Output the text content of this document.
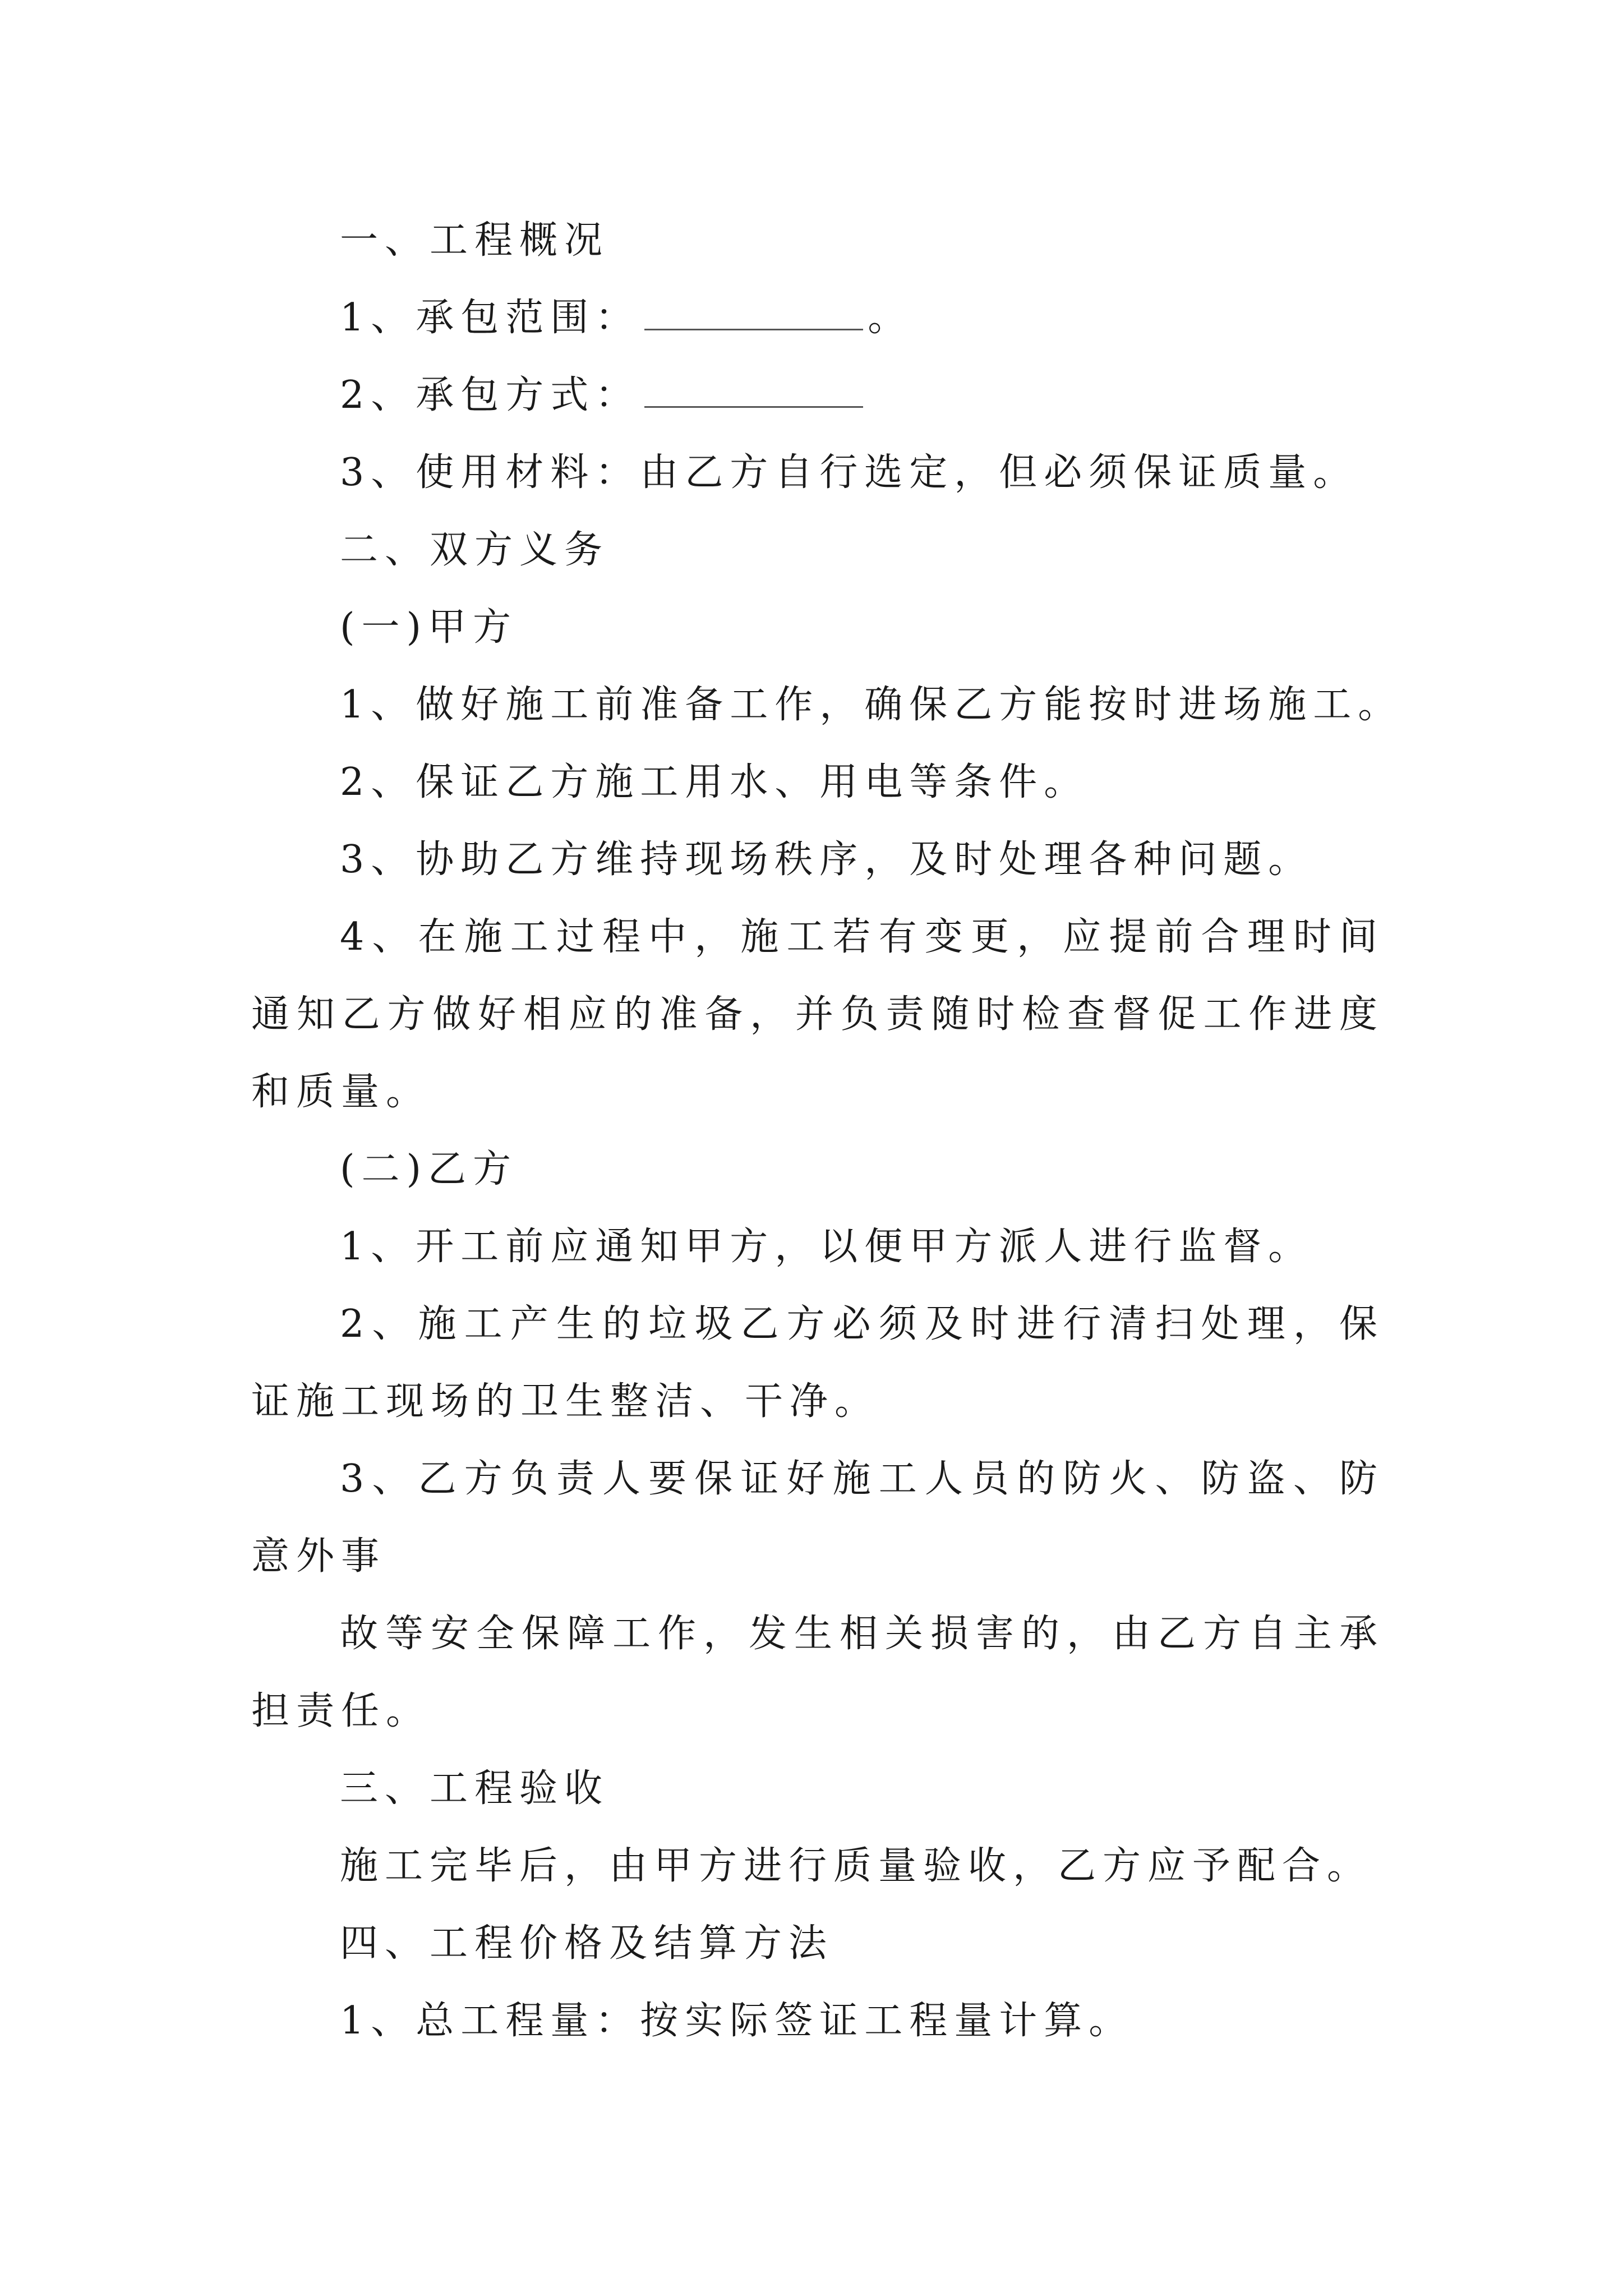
一、工程概况

1、承包范围：	。

2、承包方式：

3、使用材料：由乙方自行选定，但必须保证质量。

二、双方义务

(一)甲方

1、做好施工前准备工作，确保乙方能按时进场施工。

2、保证乙方施工用水、用电等条件。

3、协助乙方维持现场秩序，及时处理各种问题。

4、在施工过程中，施工若有变更，应提前合理时间通知乙方做好相应的准备，并负责随时检查督促工作进度和质量。

(二)乙方

1、开工前应通知甲方，以便甲方派人进行监督。

2、施工产生的垃圾乙方必须及时进行清扫处理，保证施工现场的卫生整洁、干净。

3、乙方负责人要保证好施工人员的防火、防盗、防意外事

故等安全保障工作，发生相关损害的，由乙方自主承担责任。

三、工程验收

施工完毕后，由甲方进行质量验收，乙方应予配合。

四、工程价格及结算方法

1、总工程量：按实际签证工程量计算。
